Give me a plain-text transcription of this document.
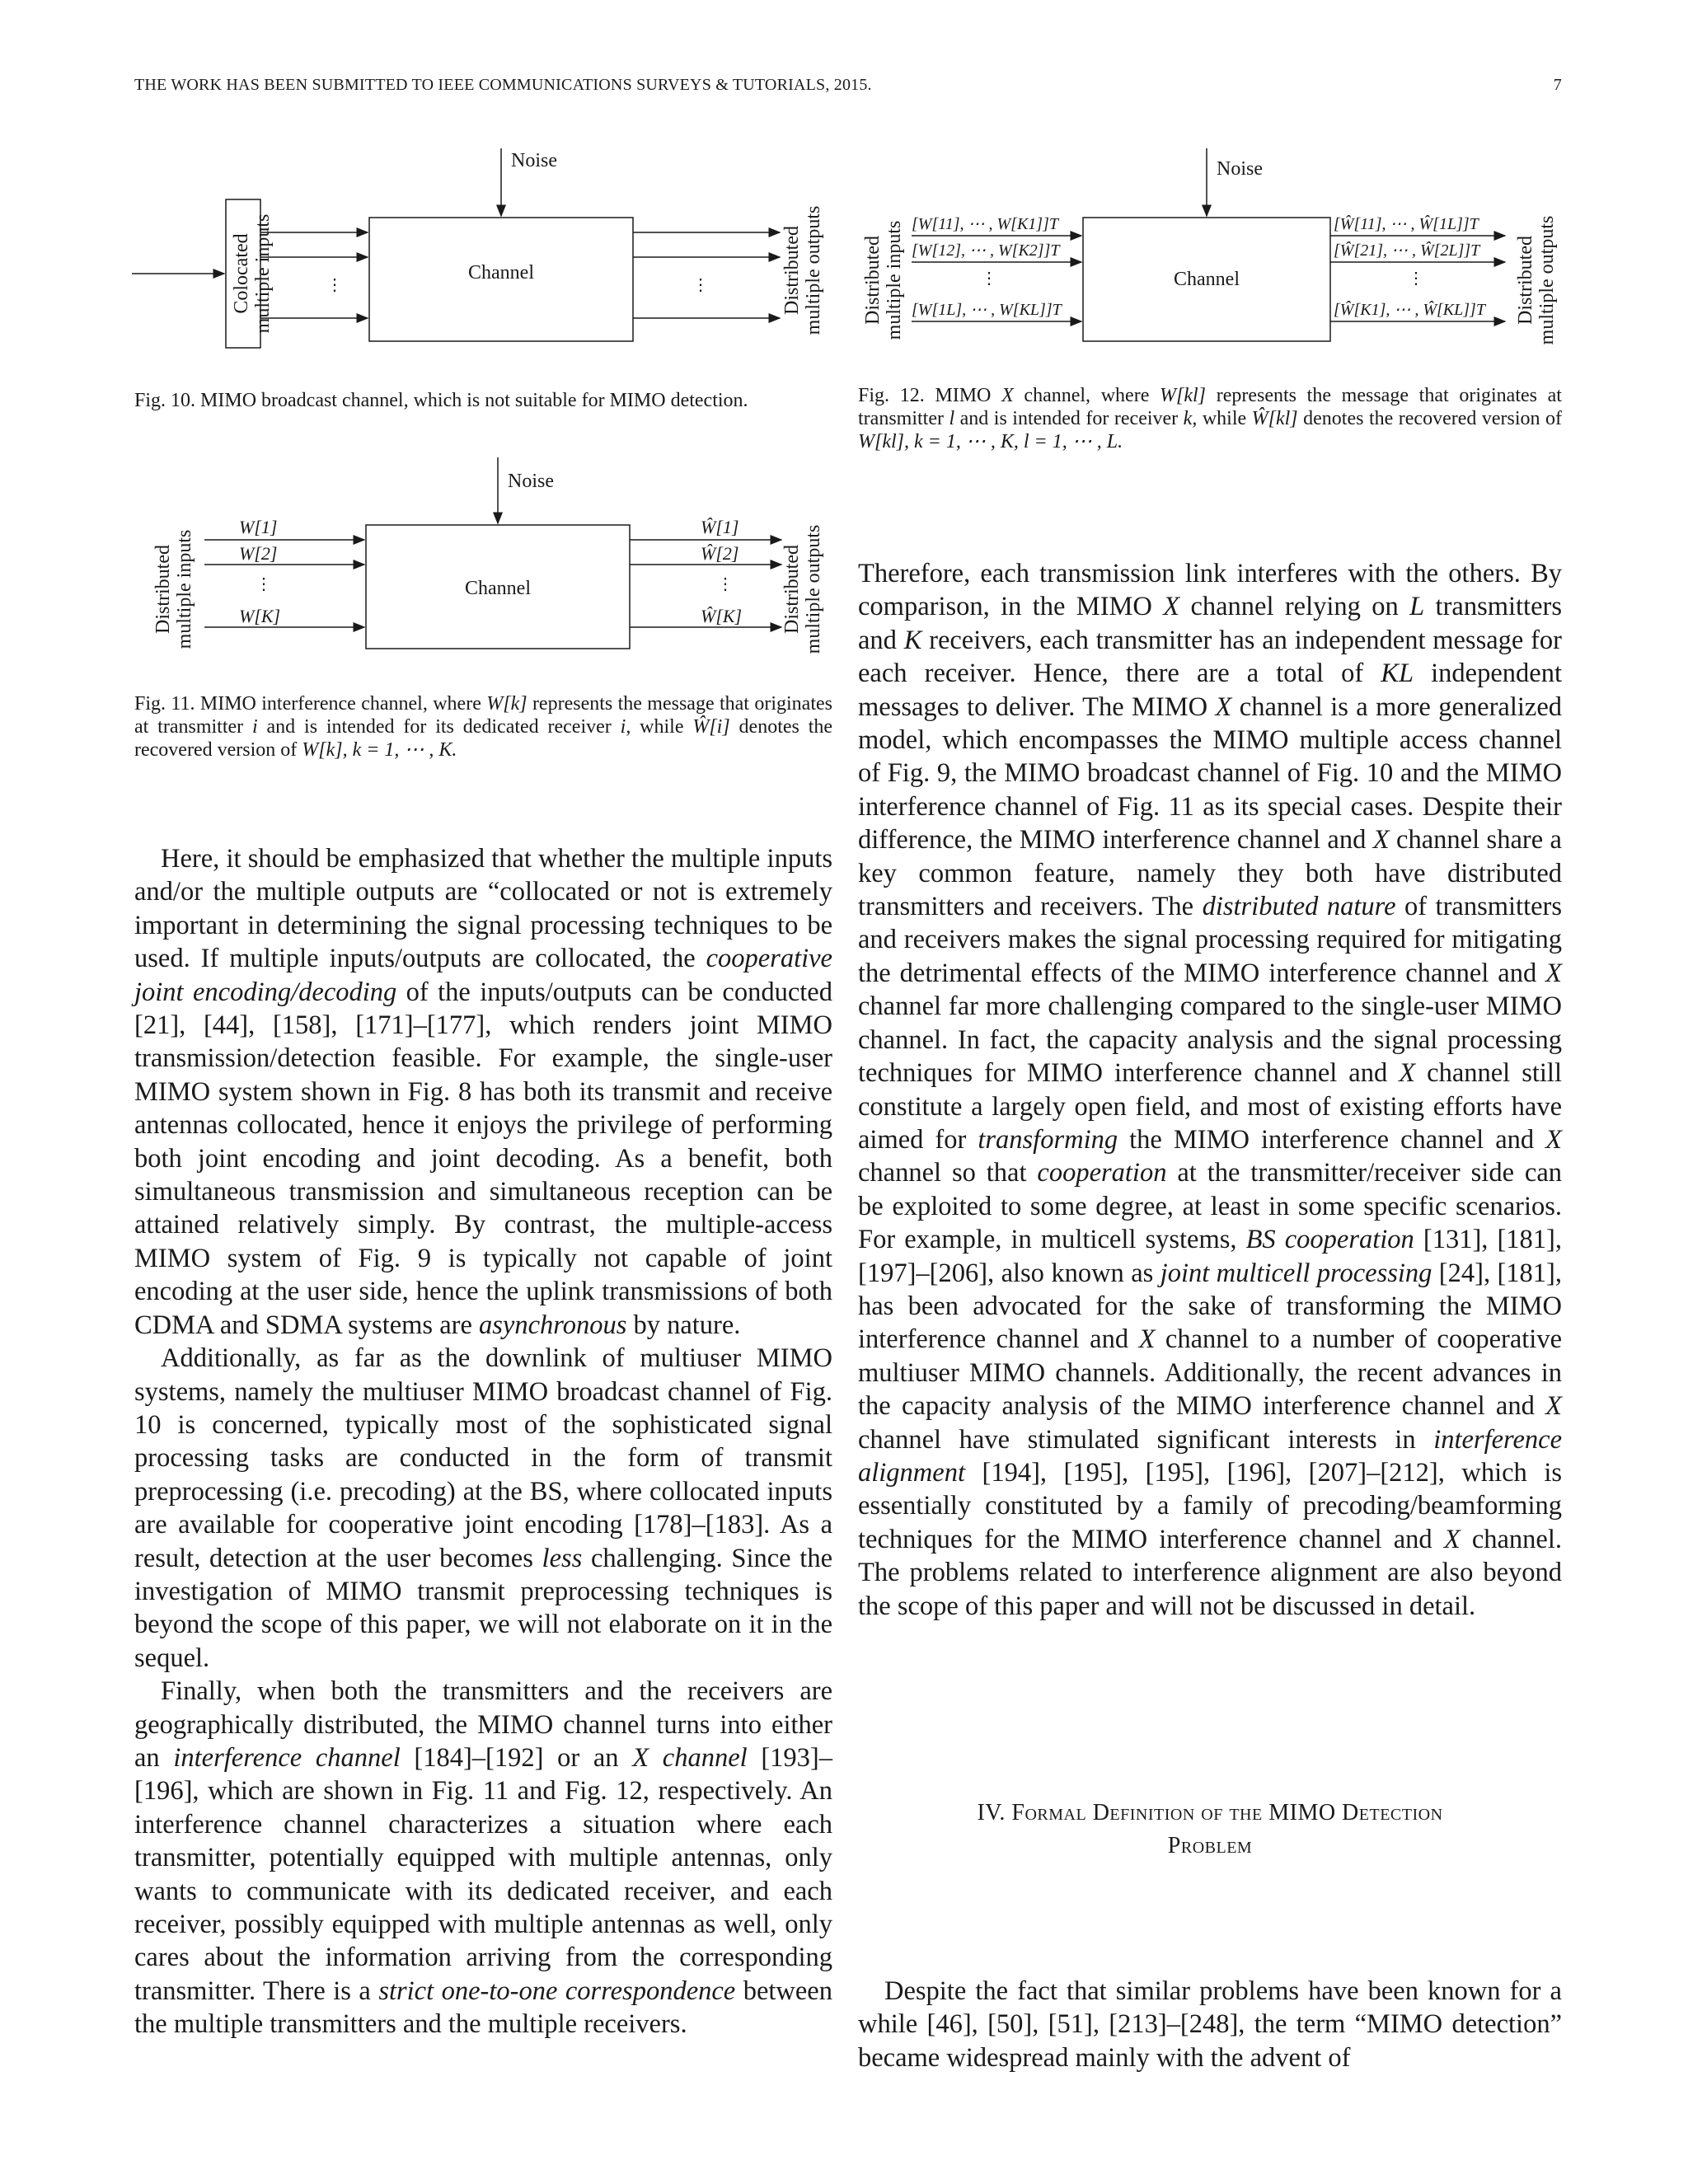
THE WORK HAS BEEN SUBMITTED TO IEEE COMMUNICATIONS SURVEYS & TUTORIALS, 2015.	7
Colocated multiple inputs	⋮
Channel
Noise
⋮	Distributed multiple outputs
Fig. 10. MIMO broadcast channel, which is not suitable for MIMO detection.
Distributed multiple inputs
W[1]
W[2]
⋮
W[K]
Channel
Noise
Ŵ[1]
Ŵ[2]
⋮
Ŵ[K] Distributed multiple outputs
Fig. 11. MIMO interference channel, where W[k] represents the message that originates at transmitter i and is intended for its dedicated receiver i, while Ŵ[i] denotes the recovered version of W[k], k = 1, ⋯ , K.
Distributed multiple inputs [W[11], ⋯ , W[K1]]T
[W[12], ⋯ , W[K2]]T
⋮
[W[1L], ⋯ , W[KL]]T
Channel
Noise
[Ŵ[11], ⋯ , Ŵ[1L]]T
[Ŵ[21], ⋯ , Ŵ[2L]]T
⋮
[Ŵ[K1], ⋯ , Ŵ[KL]]T Distributed multiple outputs
Fig. 12. MIMO X channel, where W[kl] represents the message that originates at transmitter l and is intended for receiver k, while Ŵ[kl] denotes the recovered version of W[kl], k = 1, ⋯ , K, l = 1, ⋯ , L.

Here, it should be emphasized that whether the multiple inputs and/or the multiple outputs are “collocated or not is extremely important in determining the signal processing techniques to be used. If multiple inputs/outputs are collocated, the cooperative joint encoding/decoding of the inputs/outputs can be conducted [21], [44], [158], [171]–[177], which renders joint MIMO transmission/detection feasible. For example, the single-user MIMO system shown in Fig. 8 has both its transmit and receive antennas collocated, hence it enjoys the privilege of performing both joint encoding and joint decoding. As a benefit, both simultaneous transmission and simultaneous reception can be attained relatively simply. By contrast, the multiple-access MIMO system of Fig. 9 is typically not capable of joint encoding at the user side, hence the uplink transmissions of both CDMA and SDMA systems are asynchronous by nature.

Additionally, as far as the downlink of multiuser MIMO systems, namely the multiuser MIMO broadcast channel of Fig. 10 is concerned, typically most of the sophisticated signal processing tasks are conducted in the form of transmit preprocessing (i.e. precoding) at the BS, where collocated inputs are available for cooperative joint encoding [178]–[183]. As a result, detection at the user becomes less challenging. Since the investigation of MIMO transmit preprocessing techniques is beyond the scope of this paper, we will not elaborate on it in the sequel.

Finally, when both the transmitters and the receivers are geographically distributed, the MIMO channel turns into either an interference channel [184]–[192] or an X channel [193]–[196], which are shown in Fig. 11 and Fig. 12, respectively. An interference channel characterizes a situation where each transmitter, potentially equipped with multiple antennas, only wants to communicate with its dedicated receiver, and each receiver, possibly equipped with multiple antennas as well, only cares about the information arriving from the corresponding transmitter. There is a strict one-to-one correspondence between the multiple transmitters and the multiple receivers.

Therefore, each transmission link interferes with the others. By comparison, in the MIMO X channel relying on L transmitters and K receivers, each transmitter has an independent message for each receiver. Hence, there are a total of KL independent messages to deliver. The MIMO X channel is a more generalized model, which encompasses the MIMO multiple access channel of Fig. 9, the MIMO broadcast channel of Fig. 10 and the MIMO interference channel of Fig. 11 as its special cases. Despite their difference, the MIMO interference channel and X channel share a key common feature, namely they both have distributed transmitters and receivers. The distributed nature of transmitters and receivers makes the signal processing required for mitigating the detrimental effects of the MIMO interference channel and X channel far more challenging compared to the single-user MIMO channel. In fact, the capacity analysis and the signal processing techniques for MIMO interference channel and X channel still constitute a largely open field, and most of existing efforts have aimed for transforming the MIMO interference channel and X channel so that cooperation at the transmitter/receiver side can be exploited to some degree, at least in some specific scenarios. For example, in multicell systems, BS cooperation [131], [181], [197]–[206], also known as joint multicell processing [24], [181], has been advocated for the sake of transforming the MIMO interference channel and X channel to a number of cooperative multiuser MIMO channels. Additionally, the recent advances in the capacity analysis of the MIMO interference channel and X channel have stimulated significant interests in interference alignment [194], [195], [195], [196], [207]–[212], which is essentially constituted by a family of precoding/beamforming techniques for the MIMO interference channel and X channel. The problems related to interference alignment are also beyond the scope of this paper and will not be discussed in detail.

IV. Formal Definition of the MIMO Detection
Problem

Despite the fact that similar problems have been known for a while [46], [50], [51], [213]–[248], the term “MIMO detection” became widespread mainly with the advent of
